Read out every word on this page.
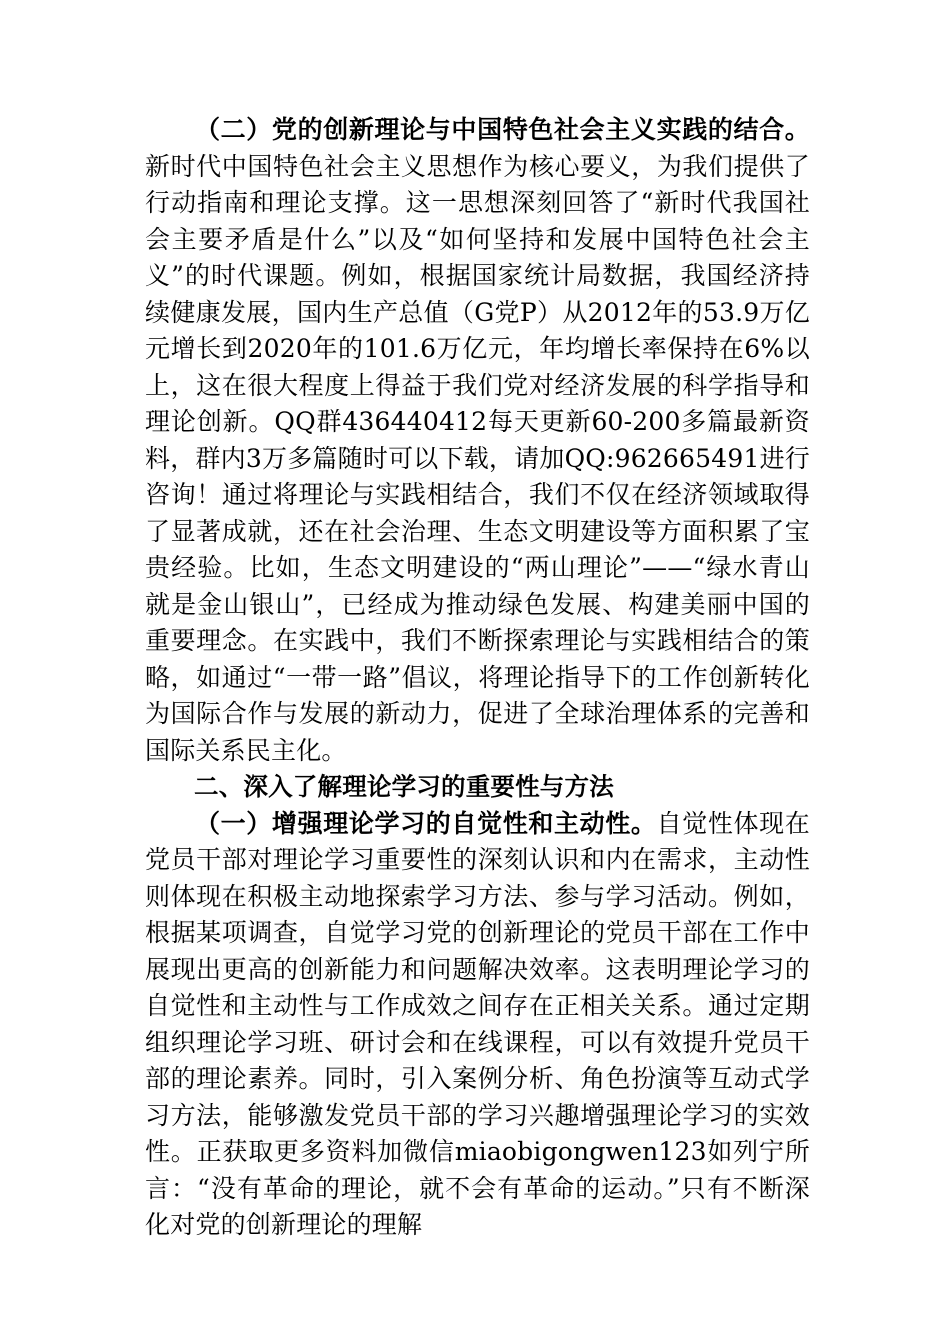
（二）党的创新理论与中国特色社会主义实践的结合。新时代中国特色社会主义思想作为核心要义，为我们提供了行动指南和理论支撑。这一思想深刻回答了“新时代我国社会主要矛盾是什么”以及“如何坚持和发展中国特色社会主义”的时代课题。例如，根据国家统计局数据，我国经济持续健康发展，国内生产总值（G党P）从2012年的53.9万亿元增长到2020年的101.6万亿元，年均增长率保持在6%以上，这在很大程度上得益于我们党对经济发展的科学指导和理论创新。QQ群436440412每天更新60-200多篇最新资料，群内3万多篇随时可以下载，请加QQ:962665491进行咨询！通过将理论与实践相结合，我们不仅在经济领域取得了显著成就，还在社会治理、生态文明建设等方面积累了宝贵经验。比如，生态文明建设的“两山理论”——“绿水青山就是金山银山”，已经成为推动绿色发展、构建美丽中国的重要理念。在实践中，我们不断探索理论与实践相结合的策略，如通过“一带一路”倡议，将理论指导下的工作创新转化为国际合作与发展的新动力，促进了全球治理体系的完善和国际关系民主化。

二、深入了解理论学习的重要性与方法

（一）增强理论学习的自觉性和主动性。自觉性体现在党员干部对理论学习重要性的深刻认识和内在需求，主动性则体现在积极主动地探索学习方法、参与学习活动。例如，根据某项调查，自觉学习党的创新理论的党员干部在工作中展现出更高的创新能力和问题解决效率。这表明理论学习的自觉性和主动性与工作成效之间存在正相关关系。通过定期组织理论学习班、研讨会和在线课程，可以有效提升党员干部的理论素养。同时，引入案例分析、角色扮演等互动式学习方法，能够激发党员干部的学习兴趣增强理论学习的实效性。正获取更多资料加微信miaobigongwen123如列宁所言：“没有革命的理论，就不会有革命的运动。”只有不断深化对党的创新理论的理解
